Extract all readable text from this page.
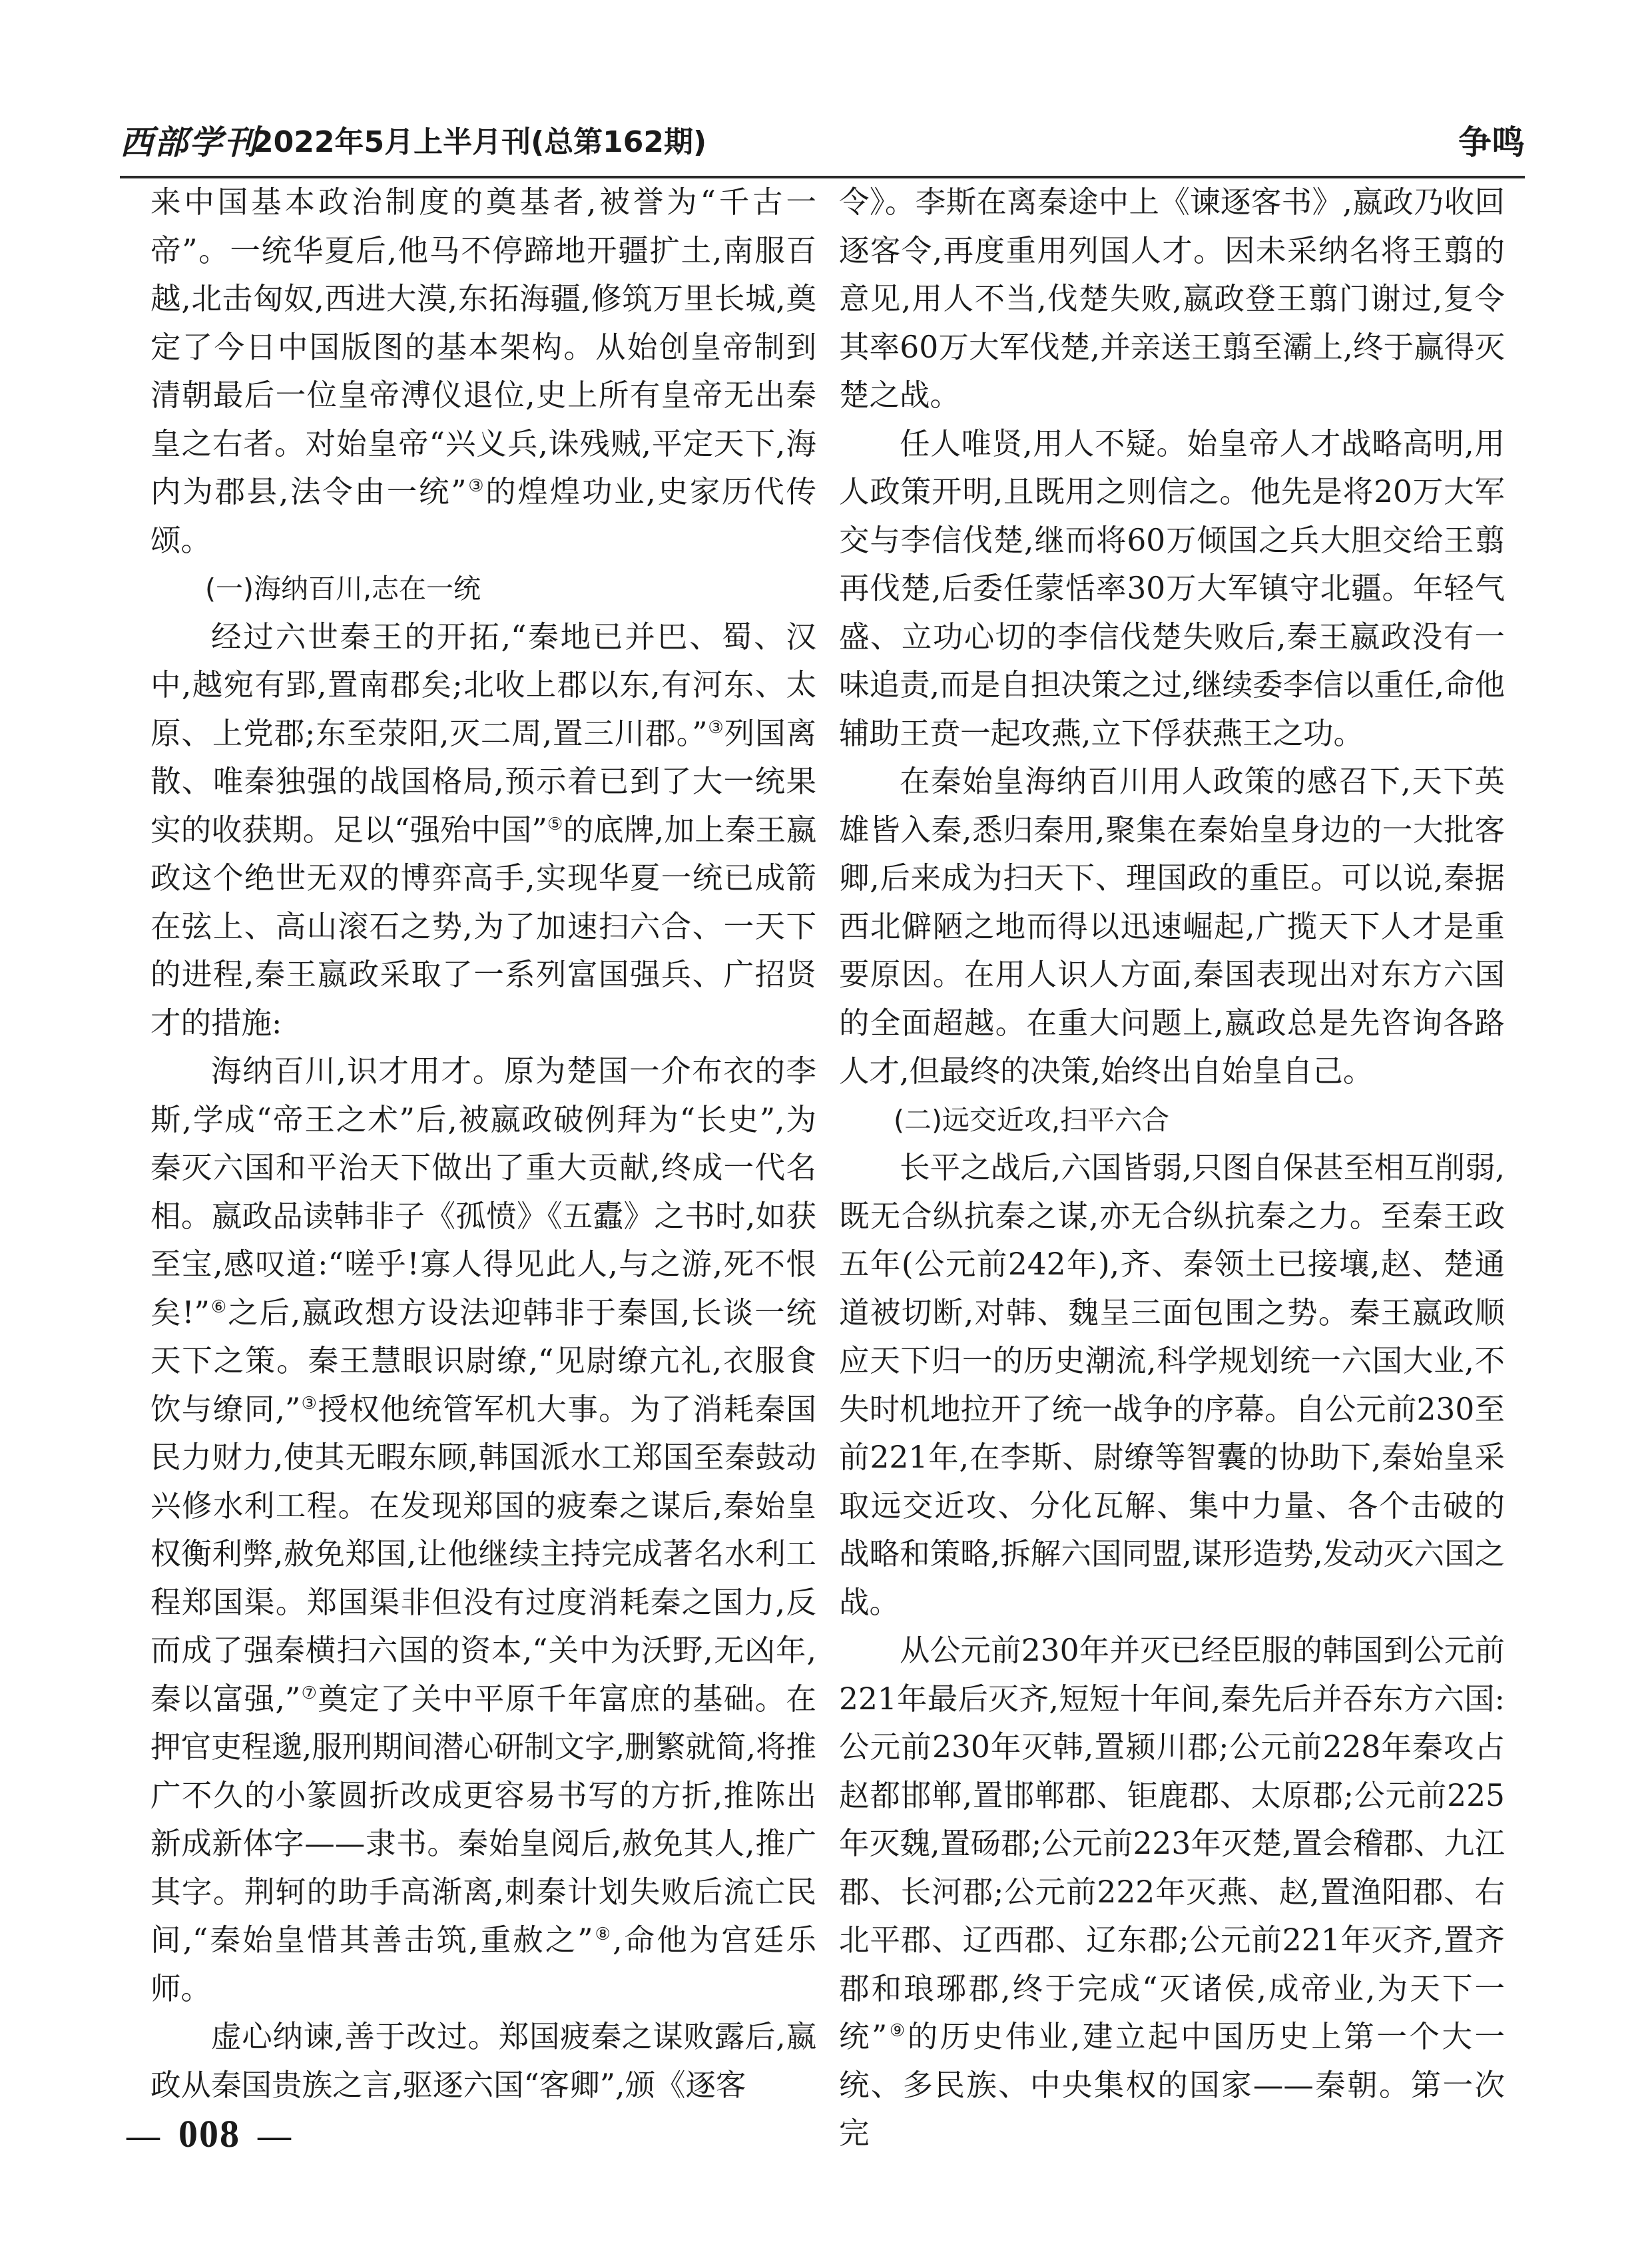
西部学刊
2022年5月上半月刊(总第162期)	争鸣

来中国基本政治制度的奠基者,被誉为“千古一帝”。一统华夏后,他马不停蹄地开疆扩土,南服百越,北击匈奴,西进大漠,东拓海疆,修筑万里长城,奠定了今日中国版图的基本架构。从始创皇帝制到清朝最后一位皇帝溥仪退位,史上所有皇帝无出秦皇之右者。对始皇帝“兴义兵,诛残贼,平定天下,海内为郡县,法令由一统”③的煌煌功业,史家历代传颂。

(一)海纳百川,志在一统

经过六世秦王的开拓,“秦地已并巴、蜀、汉中,越宛有郢,置南郡矣;北收上郡以东,有河东、太原、上党郡;东至荥阳,灭二周,置三川郡。”③列国离散、唯秦独强的战国格局,预示着已到了大一统果实的收获期。足以“强殆中国”⑤的底牌,加上秦王嬴政这个绝世无双的博弈高手,实现华夏一统已成箭在弦上、高山滚石之势,为了加速扫六合、一天下的进程,秦王嬴政采取了一系列富国强兵、广招贤才的措施:

海纳百川,识才用才。原为楚国一介布衣的李斯,学成“帝王之术”后,被嬴政破例拜为“长史”,为秦灭六国和平治天下做出了重大贡献,终成一代名相。嬴政品读韩非子《孤愤》《五蠹》之书时,如获至宝,感叹道:“嗟乎!寡人得见此人,与之游,死不恨矣!”⑥之后,嬴政想方设法迎韩非于秦国,长谈一统天下之策。秦王慧眼识尉缭,“见尉缭亢礼,衣服食饮与缭同,”③授权他统管军机大事。为了消耗秦国民力财力,使其无暇东顾,韩国派水工郑国至秦鼓动兴修水利工程。在发现郑国的疲秦之谋后,秦始皇权衡利弊,赦免郑国,让他继续主持完成著名水利工程郑国渠。郑国渠非但没有过度消耗秦之国力,反而成了强秦横扫六国的资本,“关中为沃野,无凶年,秦以富强,”⑦奠定了关中平原千年富庶的基础。在押官吏程邈,服刑期间潜心研制文字,删繁就简,将推广不久的小篆圆折改成更容易书写的方折,推陈出新成新体字——隶书。秦始皇阅后,赦免其人,推广其字。荆轲的助手高渐离,刺秦计划失败后流亡民间,“秦始皇惜其善击筑,重赦之”⑧,命他为宫廷乐师。

虚心纳谏,善于改过。郑国疲秦之谋败露后,嬴政从秦国贵族之言,驱逐六国“客卿”,颁《逐客

令》。李斯在离秦途中上《谏逐客书》,嬴政乃收回逐客令,再度重用列国人才。因未采纳名将王翦的意见,用人不当,伐楚失败,嬴政登王翦门谢过,复令其率60万大军伐楚,并亲送王翦至灞上,终于赢得灭楚之战。

任人唯贤,用人不疑。始皇帝人才战略高明,用人政策开明,且既用之则信之。他先是将20万大军交与李信伐楚,继而将60万倾国之兵大胆交给王翦再伐楚,后委任蒙恬率30万大军镇守北疆。年轻气盛、立功心切的李信伐楚失败后,秦王嬴政没有一味追责,而是自担决策之过,继续委李信以重任,命他辅助王贲一起攻燕,立下俘获燕王之功。

在秦始皇海纳百川用人政策的感召下,天下英雄皆入秦,悉归秦用,聚集在秦始皇身边的一大批客卿,后来成为扫天下、理国政的重臣。可以说,秦据西北僻陋之地而得以迅速崛起,广揽天下人才是重要原因。在用人识人方面,秦国表现出对东方六国的全面超越。在重大问题上,嬴政总是先咨询各路人才,但最终的决策,始终出自始皇自己。

(二)远交近攻,扫平六合

长平之战后,六国皆弱,只图自保甚至相互削弱,既无合纵抗秦之谋,亦无合纵抗秦之力。至秦王政五年(公元前242年),齐、秦领土已接壤,赵、楚通道被切断,对韩、魏呈三面包围之势。秦王嬴政顺应天下归一的历史潮流,科学规划统一六国大业,不失时机地拉开了统一战争的序幕。自公元前230至前221年,在李斯、尉缭等智囊的协助下,秦始皇采取远交近攻、分化瓦解、集中力量、各个击破的战略和策略,拆解六国同盟,谋形造势,发动灭六国之战。

从公元前230年并灭已经臣服的韩国到公元前221年最后灭齐,短短十年间,秦先后并吞东方六国:公元前230年灭韩,置颍川郡;公元前228年秦攻占赵都邯郸,置邯郸郡、钜鹿郡、太原郡;公元前225年灭魏,置砀郡;公元前223年灭楚,置会稽郡、九江郡、长河郡;公元前222年灭燕、赵,置渔阳郡、右北平郡、辽西郡、辽东郡;公元前221年灭齐,置齐郡和琅琊郡,终于完成“灭诸侯,成帝业,为天下一统”⑨的历史伟业,建立起中国历史上第一个大一统、多民族、中央集权的国家——秦朝。第一次完

— 008 —
